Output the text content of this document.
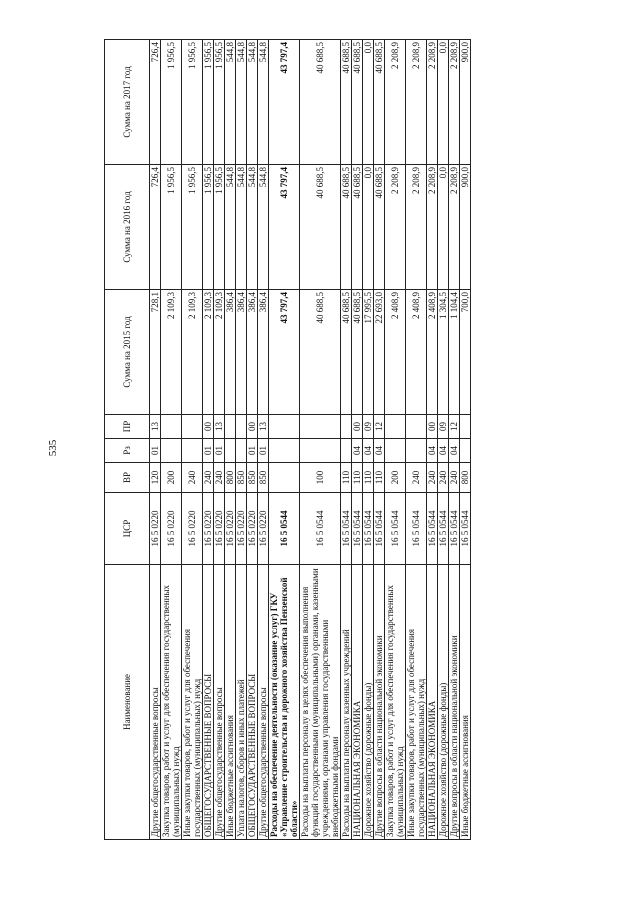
535
Наименование	ЦСР	ВР	Рз	ПР	Сумма на 2015 год	Сумма на 2016 год	Сумма на 2017 год
Другие общегосударственные вопросы	16 5 0220	120	01	13	728,1	726,4	726,4
Закупка товаров, работ и услуг для обеспечения государственных (муниципальных) нужд	16 5 0220	200			2 109,3	1 956,5	1 956,5
Иные закупки товаров, работ и услуг для обеспечения государственных (муниципальных) нужд	16 5 0220	240			2 109,3	1 956,5	1 956,5
ОБЩЕГОСУДАРСТВЕННЫЕ ВОПРОСЫ	16 5 0220	240	01	00	2 109,3	1 956,5	1 956,5
Другие общегосударственные вопросы	16 5 0220	240	01	13	2 109,3	1 956,5	1 956,5
Иные бюджетные ассигнования	16 5 0220	800			386,4	544,8	544,8
Уплата налогов, сборов и иных платежей	16 5 0220	850			386,4	544,8	544,8
ОБЩЕГОСУДАРСТВЕННЫЕ ВОПРОСЫ	16 5 0220	850	01	00	386,4	544,8	544,8
Другие общегосударственные вопросы	16 5 0220	850	01	13	386,4	544,8	544,8
Расходы на обеспечение деятельности (оказание услуг) ГКУ «Управление строительства и дорожного хозяйства Пензенской области»	16 5 0544				43 797,4	43 797,4	43 797,4
Расходы на выплаты персоналу в целях обеспечения выполнения функций государственными (муниципальными) органами, казенными учреждениями, органами управления государственными внебюджетными фондами	16 5 0544	100			40 688,5	40 688,5	40 688,5
Расходы на выплаты персоналу казенных учреждений	16 5 0544	110			40 688,5	40 688,5	40 688,5
НАЦИОНАЛЬНАЯ ЭКОНОМИКА	16 5 0544	110	04	00	40 688,5	40 688,5	40 688,5
Дорожное хозяйство (дорожные фонды)	16 5 0544	110	04	09	17 995,5	0,0	0,0
Другие вопросы в области национальной экономики	16 5 0544	110	04	12	22 693,0	40 688,5	40 688,5
Закупка товаров, работ и услуг для обеспечения государственных (муниципальных) нужд	16 5 0544	200			2 408,9	2 208,9	2 208,9
Иные закупки товаров, работ и услуг для обеспечения государственных (муниципальных) нужд	16 5 0544	240			2 408,9	2 208,9	2 208,9
НАЦИОНАЛЬНАЯ ЭКОНОМИКА	16 5 0544	240	04	00	2 408,9	2 208,9	2 208,9
Дорожное хозяйство (дорожные фонды)	16 5 0544	240	04	09	1 304,5	0,0	0,0
Другие вопросы в области национальной экономики	16 5 0544	240	04	12	1 104,4	2 208,9	2 208,9
Иные бюджетные ассигнования	16 5 0544	800			700,0	900,0	900,0
